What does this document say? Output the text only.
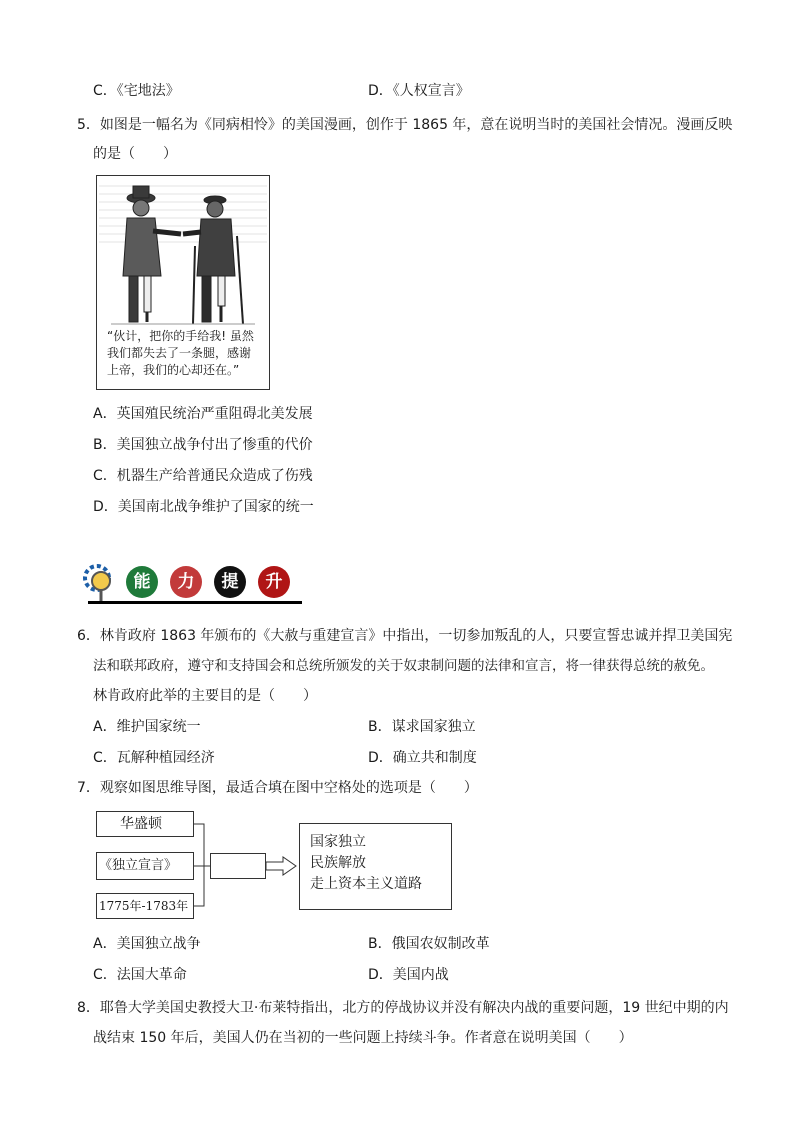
C．《宅地法》	D．《人权宣言》
5．如图是一幅名为《同病相怜》的美国漫画，创作于 1865 年，意在说明当时的美国社会情况。漫画反映
的是（　　）
“伙计，把你的手给我! 虽然
我们都失去了一条腿，感谢
上帝，我们的心却还在。”
A．英国殖民统治严重阻碍北美发展
B．美国独立战争付出了惨重的代价
C．机器生产给普通民众造成了伤残
D．美国南北战争维护了国家的统一
能	力	提	升
6．林肯政府 1863 年颁布的《大赦与重建宣言》中指出，一切参加叛乱的人，只要宣誓忠诚并捍卫美国宪
法和联邦政府，遵守和支持国会和总统所颁发的关于奴隶制问题的法律和宣言，将一律获得总统的赦免。
林肯政府此举的主要目的是（　　）
A．维护国家统一	B．谋求国家独立
C．瓦解种植园经济	D．确立共和制度
7．观察如图思维导图，最适合填在图中空格处的选项是（　　）
华盛顿
《独立宣言》
1775年-1783年
国家独立
民族解放
走上资本主义道路
A．美国独立战争	B．俄国农奴制改革
C．法国大革命	D．美国内战
8．耶鲁大学美国史教授大卫·布莱特指出，北方的停战协议并没有解决内战的重要问题，19 世纪中期的内
战结束 150 年后，美国人仍在当初的一些问题上持续斗争。作者意在说明美国（　　）
